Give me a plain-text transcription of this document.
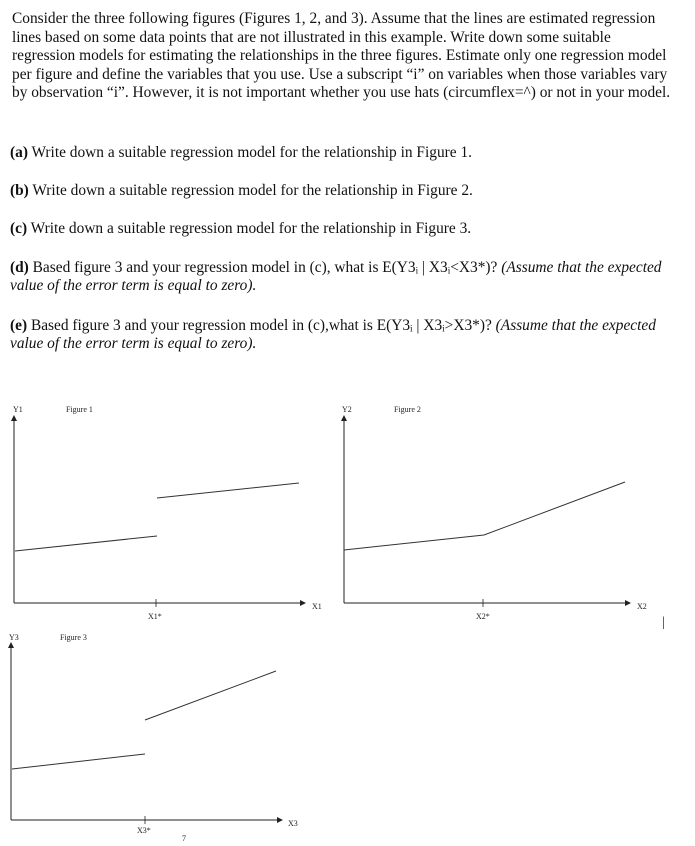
Consider the three following figures (Figures 1, 2, and 3). Assume that the lines are estimated regression lines based on some data points that are not illustrated in this example. Write down some suitable regression models for estimating the relationships in the three figures. Estimate only one regression model per figure and define the variables that you use. Use a subscript “i” on variables when those variables vary by observation “i”. However, it is not important whether you use hats (circumflex=^) or not in your model.

(a) Write down a suitable regression model for the relationship in Figure 1.

(b) Write down a suitable regression model for the relationship in Figure 2.

(c) Write down a suitable regression model for the relationship in Figure 3.

(d) Based figure 3 and your regression model in (c), what is E(Y3ᵢ | X3ᵢ<X3*)? (Assume that the expected value of the error term is equal to zero).

(e) Based figure 3 and your regression model in (c),what is E(Y3ᵢ | X3ᵢ>X3*)? (Assume that the expected value of the error term is equal to zero).

Y1	Figure 1
X1
X1*
Y2	Figure 2
X2
X2*	|
Y3	Figure 3
X3
X3*
7
